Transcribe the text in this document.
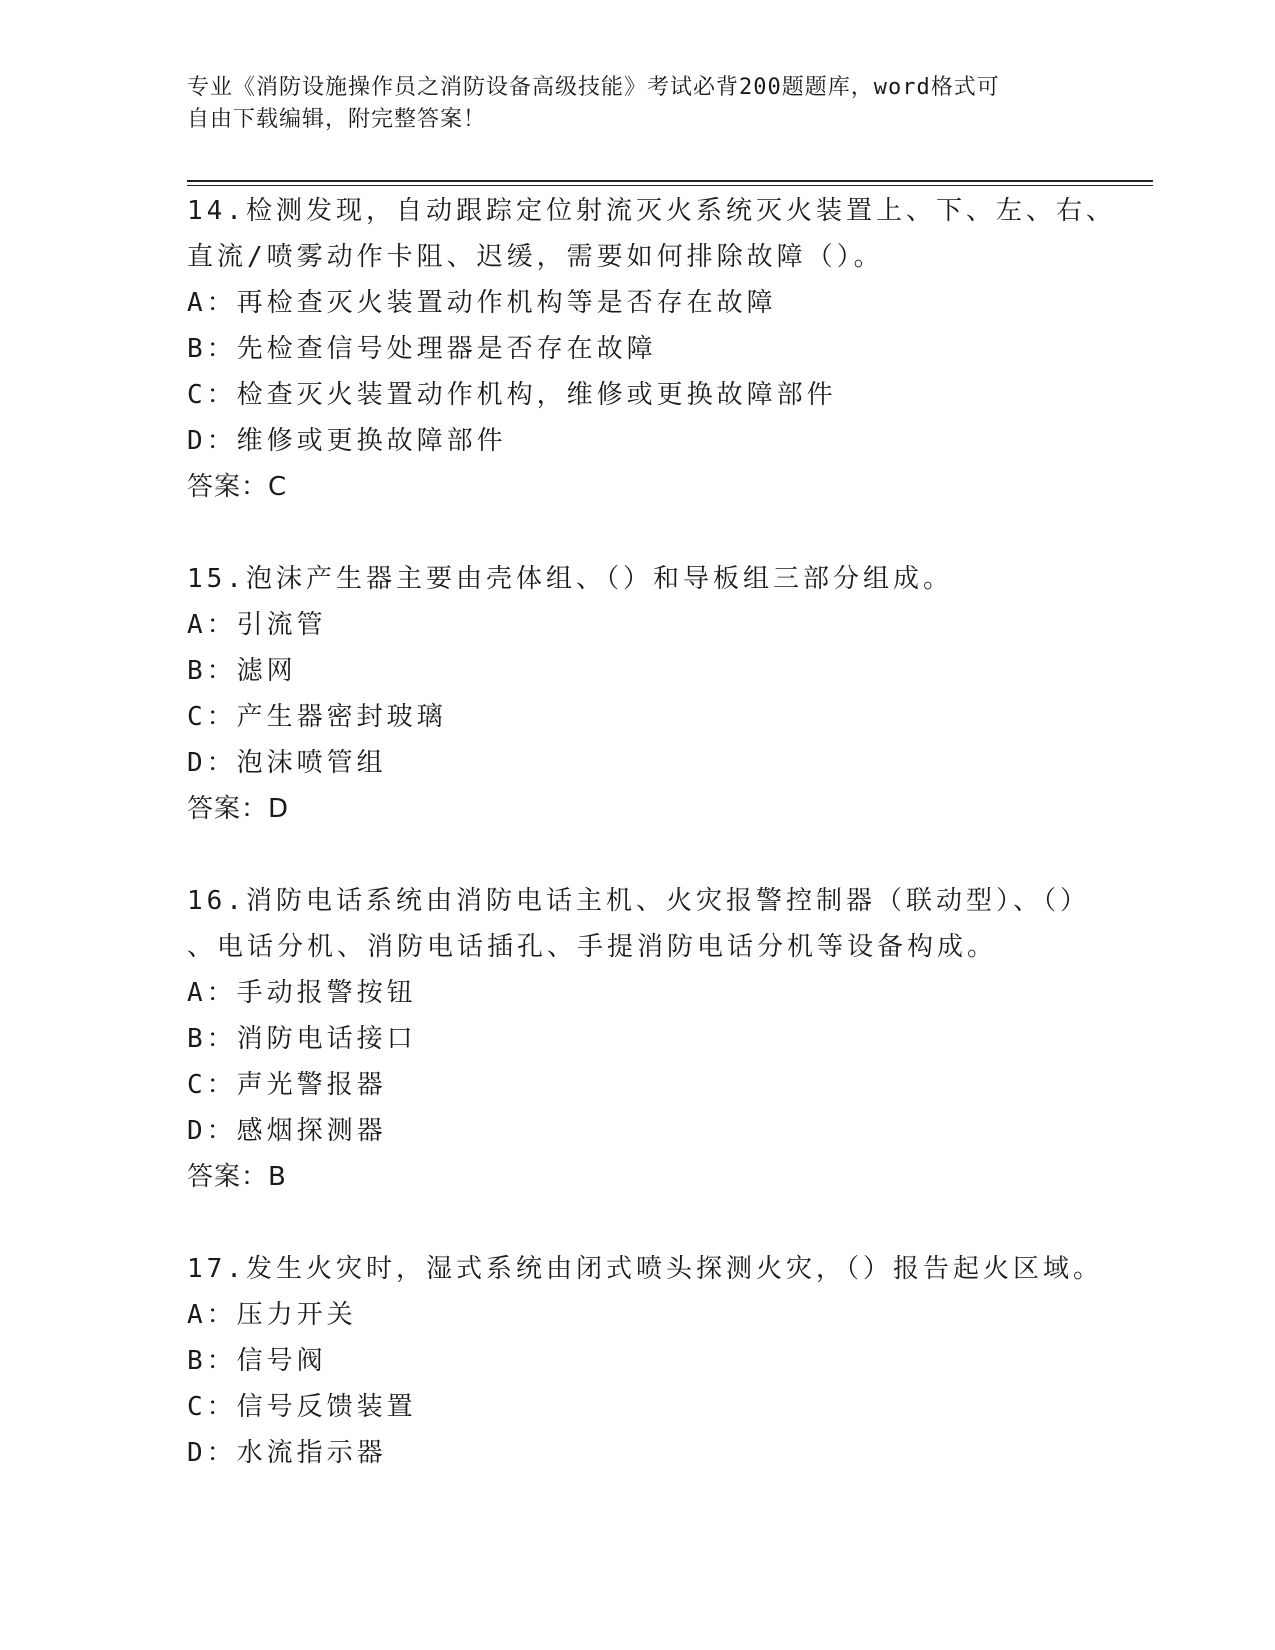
专业《消防设施操作员之消防设备高级技能》考试必背200题题库，word格式可
自由下载编辑，附完整答案！

14.检测发现，自动跟踪定位射流灭火系统灭火装置上、下、左、右、

直流/喷雾动作卡阻、迟缓，需要如何排除故障（）。

A：再检查灭火装置动作机构等是否存在故障

B：先检查信号处理器是否存在故障

C：检查灭火装置动作机构，维修或更换故障部件

D：维修或更换故障部件

答案：C

15.泡沫产生器主要由壳体组、（）和导板组三部分组成。

A：引流管

B：滤网

C：产生器密封玻璃

D：泡沫喷管组

答案：D

16.消防电话系统由消防电话主机、火灾报警控制器（联动型）、（）

、电话分机、消防电话插孔、手提消防电话分机等设备构成。

A：手动报警按钮

B：消防电话接口

C：声光警报器

D：感烟探测器

答案：B

17.发生火灾时，湿式系统由闭式喷头探测火灾，（）报告起火区域。

A：压力开关

B：信号阀

C：信号反馈装置

D：水流指示器
